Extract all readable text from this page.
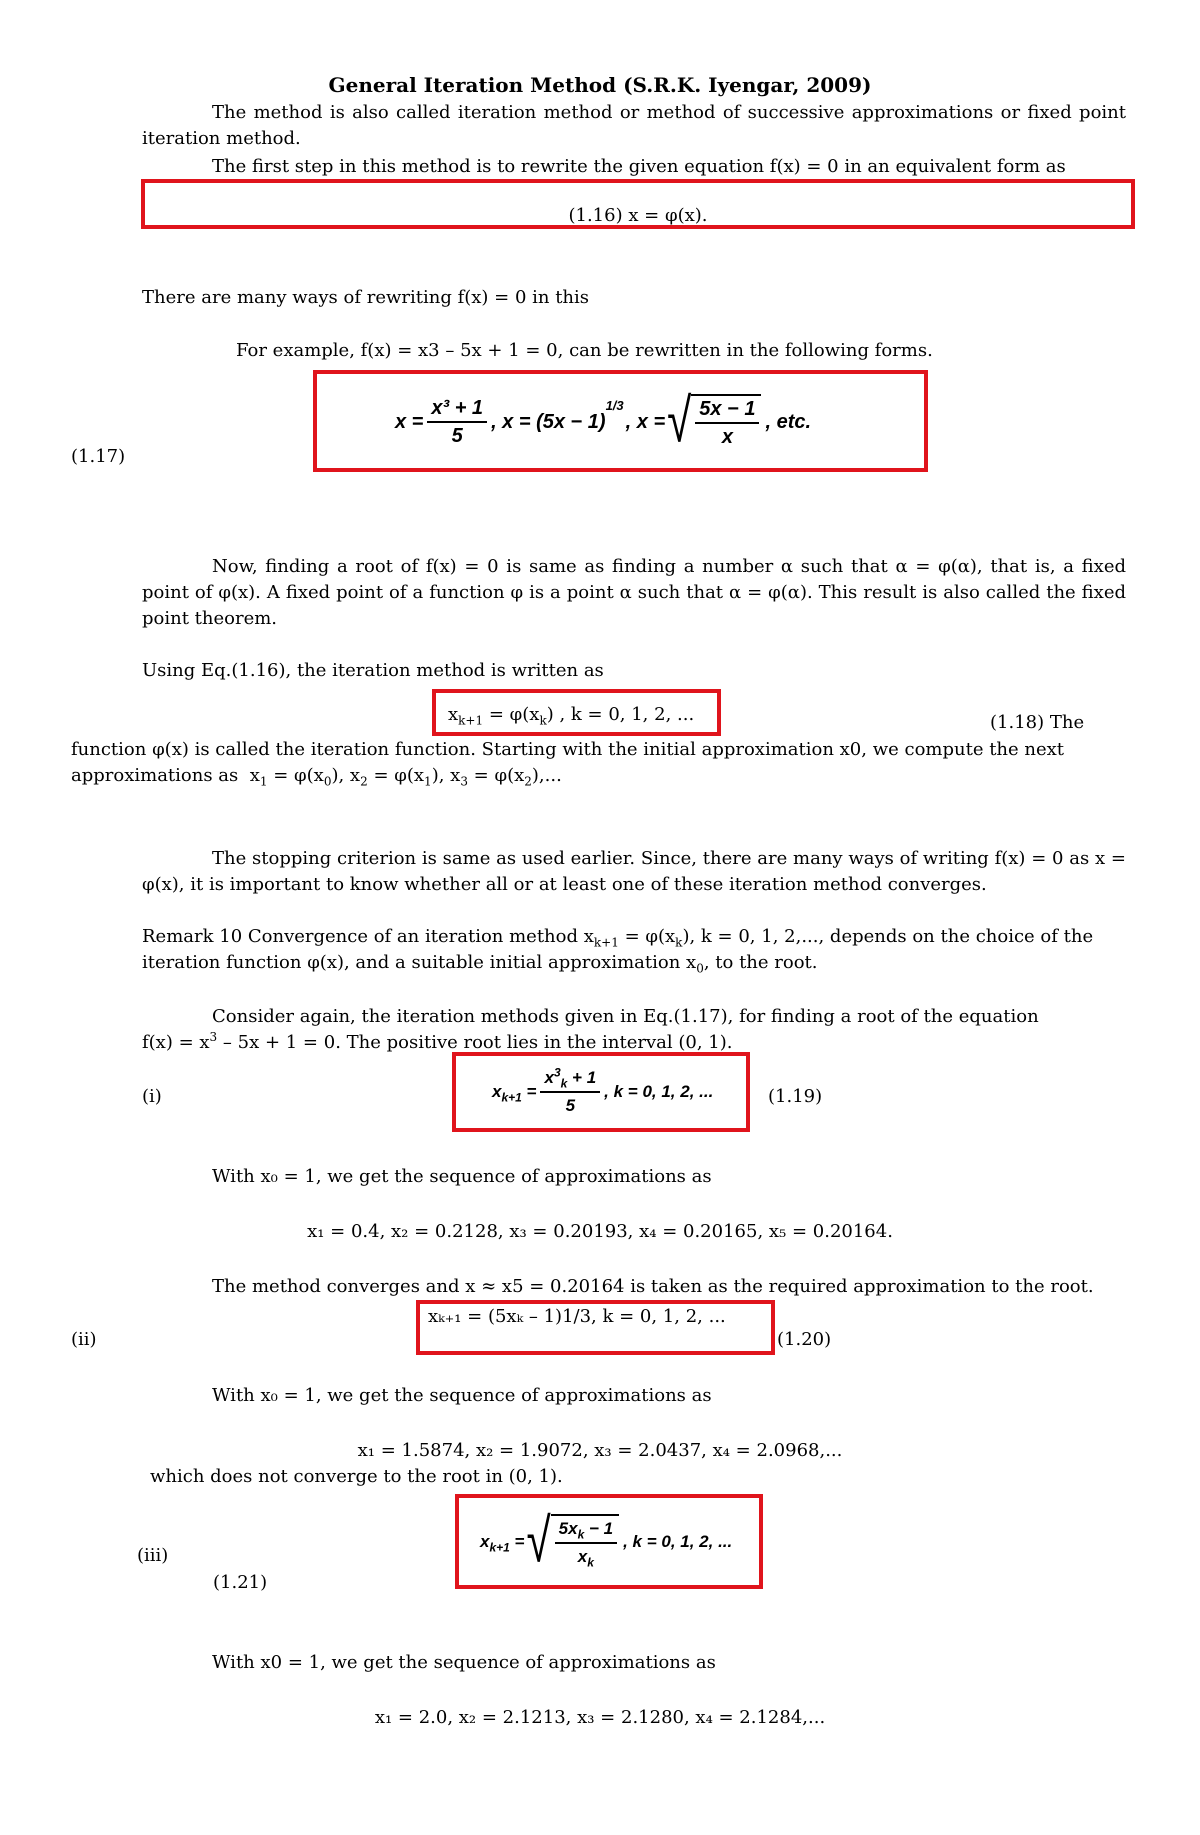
General Iteration Method (S.R.K. Iyengar, 2009)
The method is also called iteration method or method of successive approximations or fixed point iteration method.
The first step in this method is to rewrite the given equation f(x) = 0 in an equivalent form as
(1.16) x = φ(x).
There are many ways of rewriting f(x) = 0 in this
For example, f(x) = x3 – 5x + 1 = 0, can be rewritten in the following forms.
$x = \frac{\text{x³ + 1}}{5}$ , x = (5x − 1)
$^{1/3}$
, x = √ $\frac{5x - 1}{x}$ , etc.
(1.17)
Now, finding a root of f(x) = 0 is same as finding a number α such that α = φ(α), that is, a fixed point of φ(x). A fixed point of a function φ is a point α such that α = φ(α). This result is also called the fixed point theorem.
Using Eq.(1.16), the iteration method is written as
$x_{k+1} = \varphi(x_k)$ , k = 0, 1, 2, ...	(1.18) The
function φ(x) is called the iteration function. Starting with the initial approximation x0, we compute the next
approximations as  $x_1 = \varphi(x_0)$, $x_2 = \varphi(x_1)$, $x_3 = \varphi(x_2)$,...
The stopping criterion is same as used earlier. Since, there are many ways of writing f(x) = 0 as x = φ(x), it is important to know whether all or at least one of these iteration method converges.
Remark 10 Convergence of an iteration method $x_{k+1} = \varphi(x_k)$, k = 0, 1, 2,..., depends on the choice of the
iteration function φ(x), and a suitable initial approximation $x_0$, to the root.
Consider again, the iteration methods given in Eq.(1.17), for finding a root of the equation
$f(x) = x^3 - 5x + 1 = 0$. The positive root lies in the interval (0, 1).
(i)	$x_{k+1} = \frac{x^3_k + 1}{5}$ , k = 0, 1, 2, ...	(1.19)
With x₀ = 1, we get the sequence of approximations as
x₁ = 0.4, x₂ = 0.2128, x₃ = 0.20193, x₄ = 0.20165, x₅ = 0.20164.
The method converges and x ≈ x5 = 0.20164 is taken as the required approximation to the root.
(ii)
xₖ₊₁ = (5xₖ – 1)1/3, k = 0, 1, 2, ...
(1.20)
With x₀ = 1, we get the sequence of approximations as
x₁ = 1.5874, x₂ = 1.9072, x₃ = 2.0437, x₄ = 2.0968,...
which does not converge to the root in (0, 1).
$x_{k+1}$ = √ $\frac{5x_k - 1}{x_k}$ , k = 0, 1, 2, ...
(iii)
(1.21)
With x0 = 1, we get the sequence of approximations as
x₁ = 2.0, x₂ = 2.1213, x₃ = 2.1280, x₄ = 2.1284,...
